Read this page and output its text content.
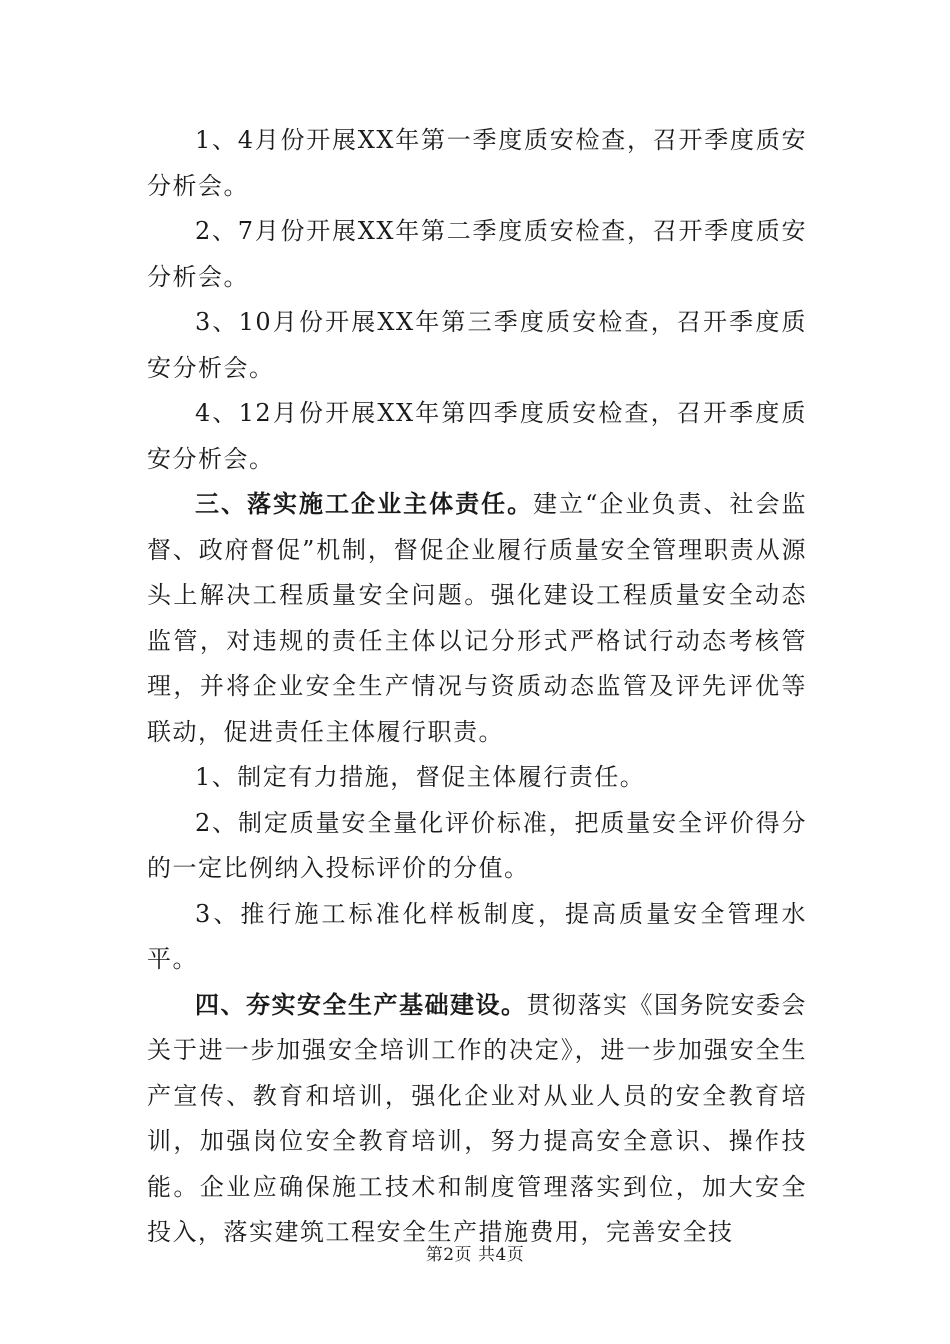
1、4月份开展XX年第一季度质安检查，召开季度质安分析会。

2、7月份开展XX年第二季度质安检查，召开季度质安分析会。

3、10月份开展XX年第三季度质安检查，召开季度质安分析会。

4、12月份开展XX年第四季度质安检查，召开季度质安分析会。

三、落实施工企业主体责任。建立“企业负责、社会监督、政府督促”机制，督促企业履行质量安全管理职责从源头上解决工程质量安全问题。强化建设工程质量安全动态监管，对违规的责任主体以记分形式严格试行动态考核管理，并将企业安全生产情况与资质动态监管及评先评优等联动，促进责任主体履行职责。

1、制定有力措施，督促主体履行责任。

2、制定质量安全量化评价标准，把质量安全评价得分的一定比例纳入投标评价的分值。

3、推行施工标准化样板制度，提高质量安全管理水平。

四、夯实安全生产基础建设。贯彻落实《国务院安委会关于进一步加强安全培训工作的决定》，进一步加强安全生产宣传、教育和培训，强化企业对从业人员的安全教育培训，加强岗位安全教育培训，努力提高安全意识、操作技能。企业应确保施工技术和制度管理落实到位，加大安全投入，落实建筑工程安全生产措施费用，完善安全技

第2页 共4页
